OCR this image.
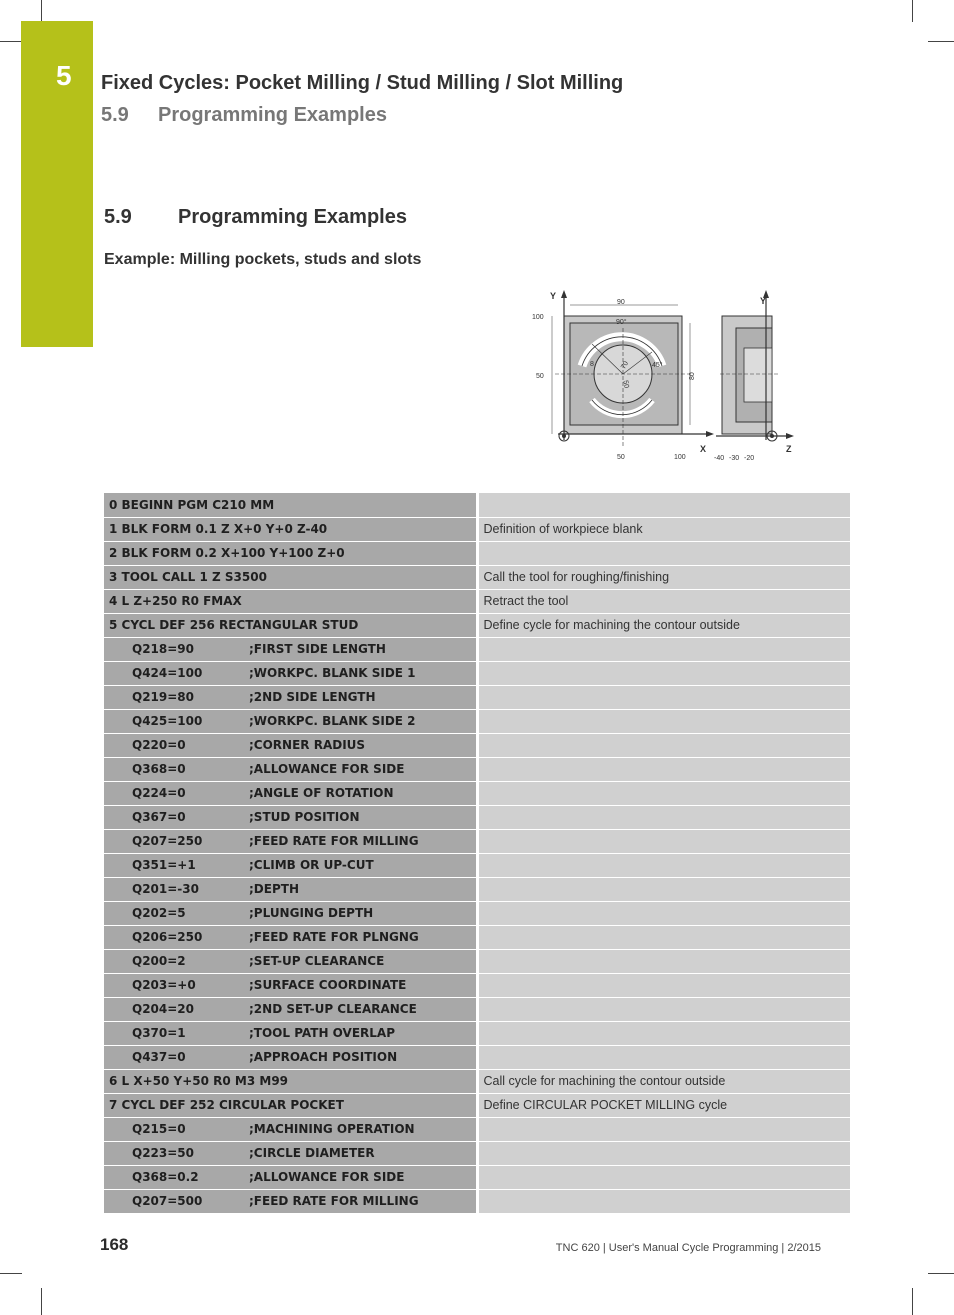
5 Fixed Cycles: Pocket Milling / Stud Milling / Slot Milling
5.9 Programming Examples
5.9 Programming Examples
Example: Milling pockets, studs and slots
Y
X	Z
Y
90
100
50	80
50	100
90°
45°
8	70
50
-40 -30 -20
0 BEGINN PGM C210 MM	
1 BLK FORM 0.1 Z X+0 Y+0 Z-40	Definition of workpiece blank
2 BLK FORM 0.2 X+100 Y+100 Z+0	
3 TOOL CALL 1 Z S3500	Call the tool for roughing/finishing
4 L Z+250 R0 FMAX	Retract the tool
5 CYCL DEF 256 RECTANGULAR STUD	Define cycle for machining the contour outside
Q218=90 ;FIRST SIDE LENGTH	
Q424=100 ;WORKPC. BLANK SIDE 1	
Q219=80 ;2ND SIDE LENGTH	
Q425=100 ;WORKPC. BLANK SIDE 2	
Q220=0 ;CORNER RADIUS	
Q368=0 ;ALLOWANCE FOR SIDE	
Q224=0 ;ANGLE OF ROTATION	
Q367=0 ;STUD POSITION	
Q207=250 ;FEED RATE FOR MILLING	
Q351=+1 ;CLIMB OR UP-CUT	
Q201=-30 ;DEPTH	
Q202=5 ;PLUNGING DEPTH	
Q206=250 ;FEED RATE FOR PLNGNG	
Q200=2 ;SET-UP CLEARANCE	
Q203=+0 ;SURFACE COORDINATE	
Q204=20 ;2ND SET-UP CLEARANCE	
Q370=1 ;TOOL PATH OVERLAP	
Q437=0 ;APPROACH POSITION	
6 L X+50 Y+50 R0 M3 M99	Call cycle for machining the contour outside
7 CYCL DEF 252 CIRCULAR POCKET	Define CIRCULAR POCKET MILLING cycle
Q215=0 ;MACHINING OPERATION	
Q223=50 ;CIRCLE DIAMETER	
Q368=0.2 ;ALLOWANCE FOR SIDE	
Q207=500 ;FEED RATE FOR MILLING	
168	TNC 620 | User's Manual Cycle Programming | 2/2015
